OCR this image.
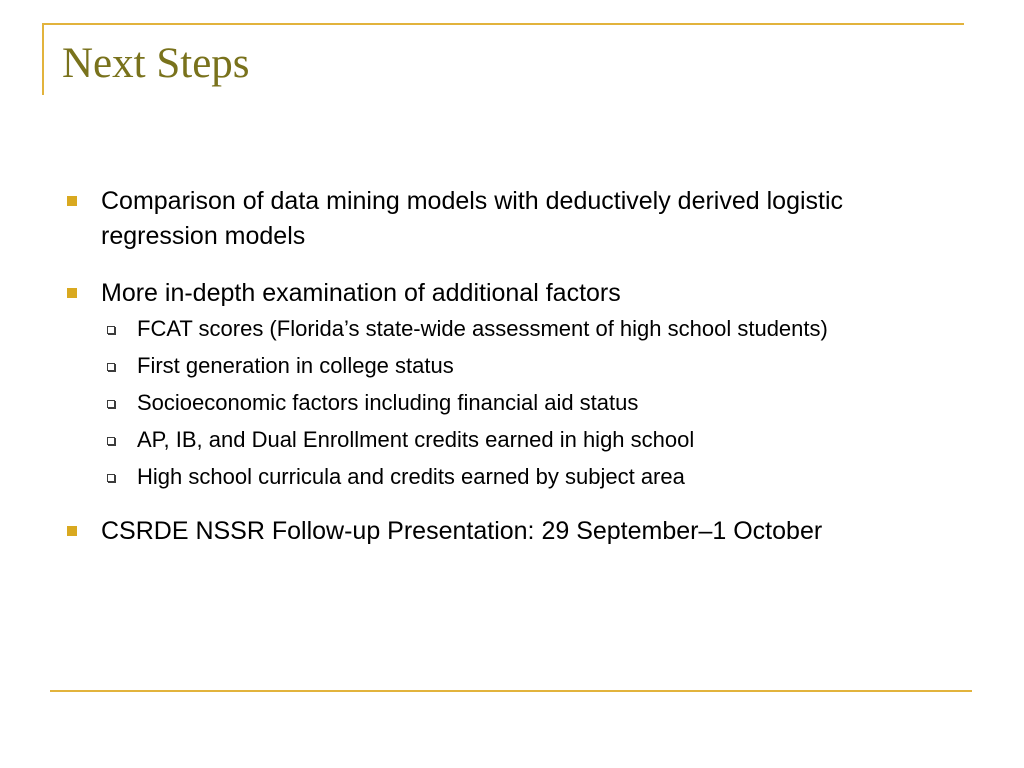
Next Steps
Comparison of data mining models with deductively derived logistic regression models
More in-depth examination of additional factors
FCAT scores (Florida’s state-wide assessment of high school students)
First generation in college status
Socioeconomic factors including financial aid status
AP, IB, and Dual Enrollment credits earned in high school
High school curricula and credits earned by subject area
CSRDE NSSR Follow-up Presentation: 29 September–1 October
